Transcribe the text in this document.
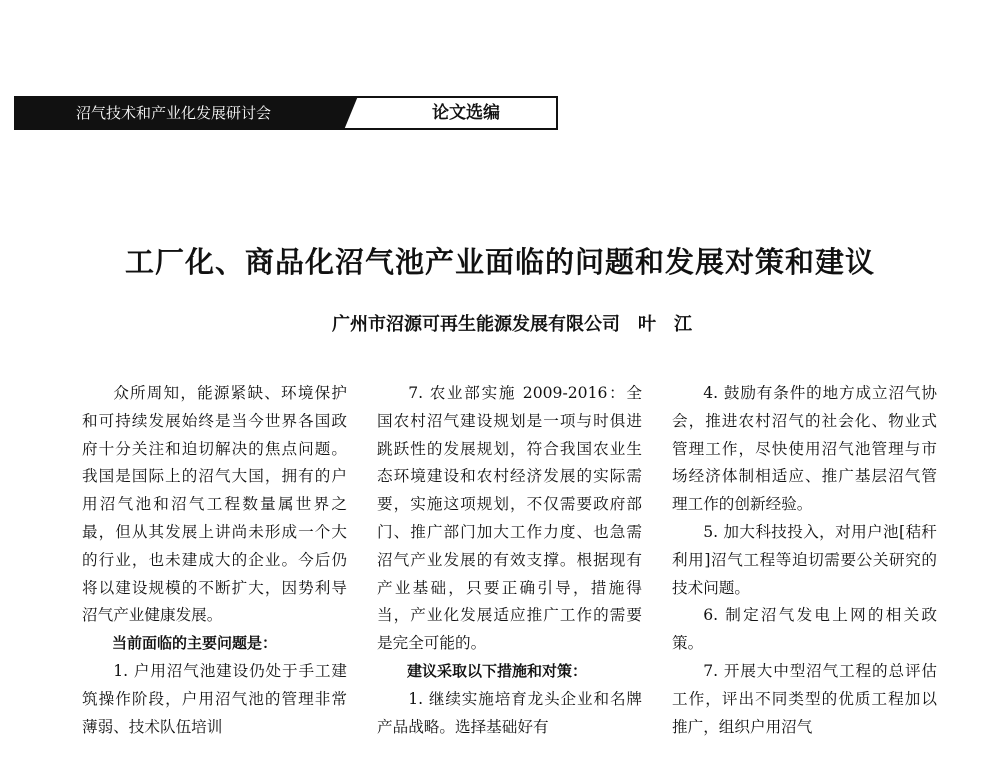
沼气技术和产业化发展研讨会	论文选编
工厂化、商品化沼气池产业面临的问题和发展对策和建议
广州市沼源可再生能源发展有限公司　叶　江

众所周知，能源紧缺、环境保护和可持续发展始终是当今世界各国政府十分关注和迫切解决的焦点问题。我国是国际上的沼气大国，拥有的户用沼气池和沼气工程数量属世界之最，但从其发展上讲尚未形成一个大的行业，也未建成大的企业。今后仍将以建设规模的不断扩大，因势利导沼气产业健康发展。

当前面临的主要问题是：

1. 户用沼气池建设仍处于手工建筑操作阶段，户用沼气池的管理非常薄弱、技术队伍培训

7. 农业部实施 2009-2016：全国农村沼气建设规划是一项与时俱进跳跃性的发展规划，符合我国农业生态环境建设和农村经济发展的实际需要，实施这项规划，不仅需要政府部门、推广部门加大工作力度、也急需沼气产业发展的有效支撑。根据现有产业基础，只要正确引导，措施得当，产业化发展适应推广工作的需要是完全可能的。

建议采取以下措施和对策：

1. 继续实施培育龙头企业和名牌产品战略。选择基础好有

4. 鼓励有条件的地方成立沼气协会，推进农村沼气的社会化、物业式管理工作，尽快使用沼气池管理与市场经济体制相适应、推广基层沼气管理工作的创新经验。

5. 加大科技投入，对用户池[秸秆利用]沼气工程等迫切需要公关研究的技术问题。

6. 制定沼气发电上网的相关政策。

7. 开展大中型沼气工程的总评估工作，评出不同类型的优质工程加以推广，组织户用沼气
